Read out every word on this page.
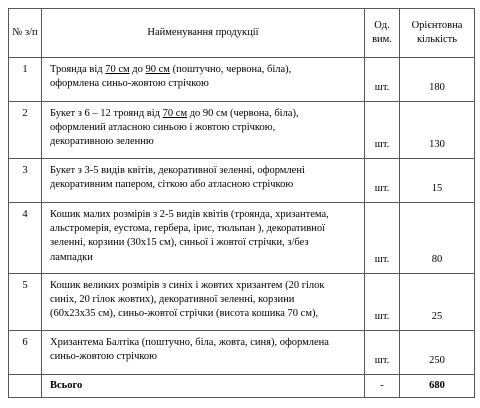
№ з/п	Найменування продукції	Од. вим.	Орієнтовна кількість
1	Троянда від 70 см до 90 см (поштучно, червона, біла),
оформлена синьо-жовтою стрічкою	шт.	180
2	Букет з 6 – 12 троянд від 70 см до 90 см (червона, біла),
оформлений атласною синьою і жовтою стрічкою,
декоративною зеленню	шт.	130
3	Букет з 3-5 видів квітів, декоративної зеленні, оформлені
декоративним папером, сіткою або атласною стрічкою	шт.	15
4	Кошик малих розмірів з 2-5 видів квітів (троянда, хризантема,
альстромерія, еустома, гербера, ірис, тюльпан ), декоративної
зеленні, корзини (30х15 см), синьої і жовтої стрічки, з/без
лампадки	шт.	80
5	Кошик великих розмірів з синіх і жовтих хризантем (20 гілок
синіх, 20 гілок жовтих), декоративної зеленні, корзини
(60х23х35 см), синьо-жовтої стрічки (висота кошика 70 см),	шт.	25
6	Хризантема Балтіка (поштучно, біла, жовта, синя), оформлена
синьо-жовтою стрічкою	шт.	250
	Всього	-	680
